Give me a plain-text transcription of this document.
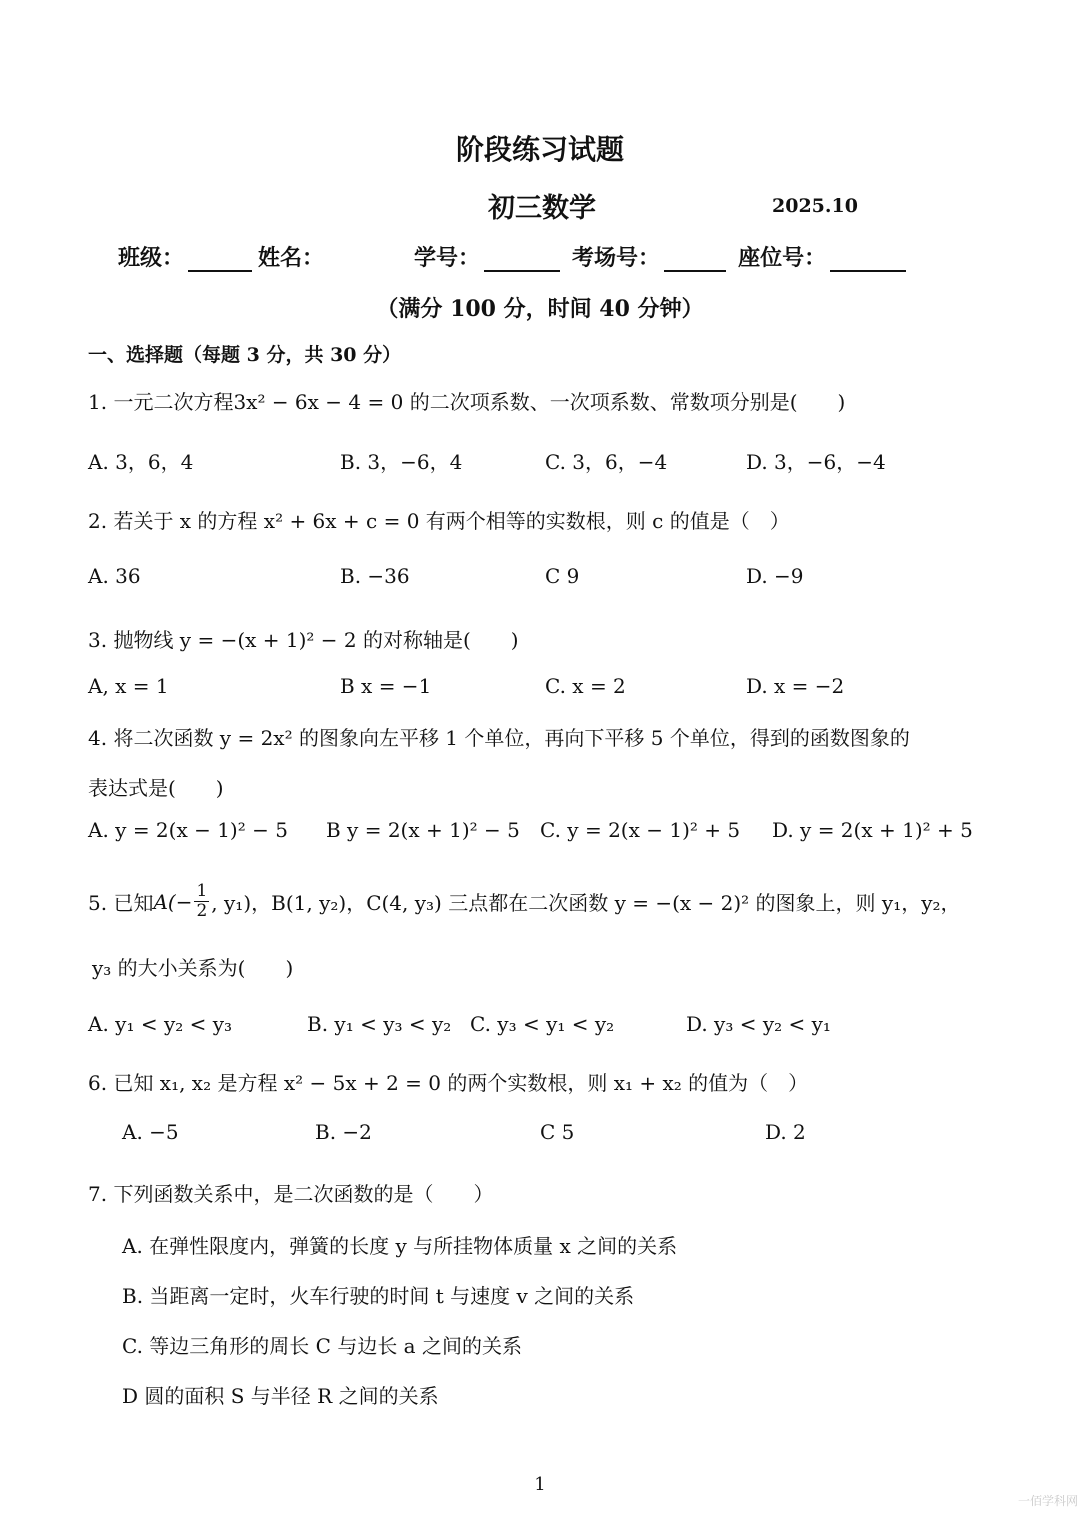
阶段练习试题
初三数学	2025.10
班级：	姓名：	学号：	考场号：	座位号：
（满分 100 分，时间 40 分钟）
一、选择题（每题 3 分，共 30 分）
1. 一元二次方程3x² − 6x − 4 = 0 的二次项系数、一次项系数、常数项分别是(　　)
A. 3，6，4	B. 3，−6，4	C. 3，6，−4	D. 3，−6，−4
2. 若关于 x 的方程 x² + 6x + c = 0 有两个相等的实数根，则 c 的值是（　）
A. 36	B. −36	C 9	D. −9
3. 抛物线 y = −(x + 1)² − 2 的对称轴是(　　)
A, x = 1	B x = −1	C. x = 2	D. x = −2
4. 将二次函数 y = 2x² 的图象向左平移 1 个单位，再向下平移 5 个单位，得到的函数图象的
表达式是(　　)
A. y = 2(x − 1)² − 5 B y = 2(x + 1)² − 5 C. y = 2(x − 1)² + 5 D. y = 2(x + 1)² + 5
5. 已知 $A(- \frac{1}{2}$ , y₁)，B(1, y₂)，C(4, y₃) 三点都在二次函数 y = −(x − 2)² 的图象上，则 y₁，y₂，
y₃ 的大小关系为(　　)
A. y₁ < y₂ < y₃	B. y₁ < y₃ < y₂ C. y₃ < y₁ < y₂	D. y₃ < y₂ < y₁
6. 已知 x₁, x₂ 是方程 x² − 5x + 2 = 0 的两个实数根，则 x₁ + x₂ 的值为（　）
A. −5	B. −2	C 5	D. 2
7. 下列函数关系中，是二次函数的是（　　）
A. 在弹性限度内，弹簧的长度 y 与所挂物体质量 x 之间的关系
B. 当距离一定时，火车行驶的时间 t 与速度 v 之间的关系
C. 等边三角形的周长 C 与边长 a 之间的关系
D 圆的面积 S 与半径 R 之间的关系
1
一佰学科网
